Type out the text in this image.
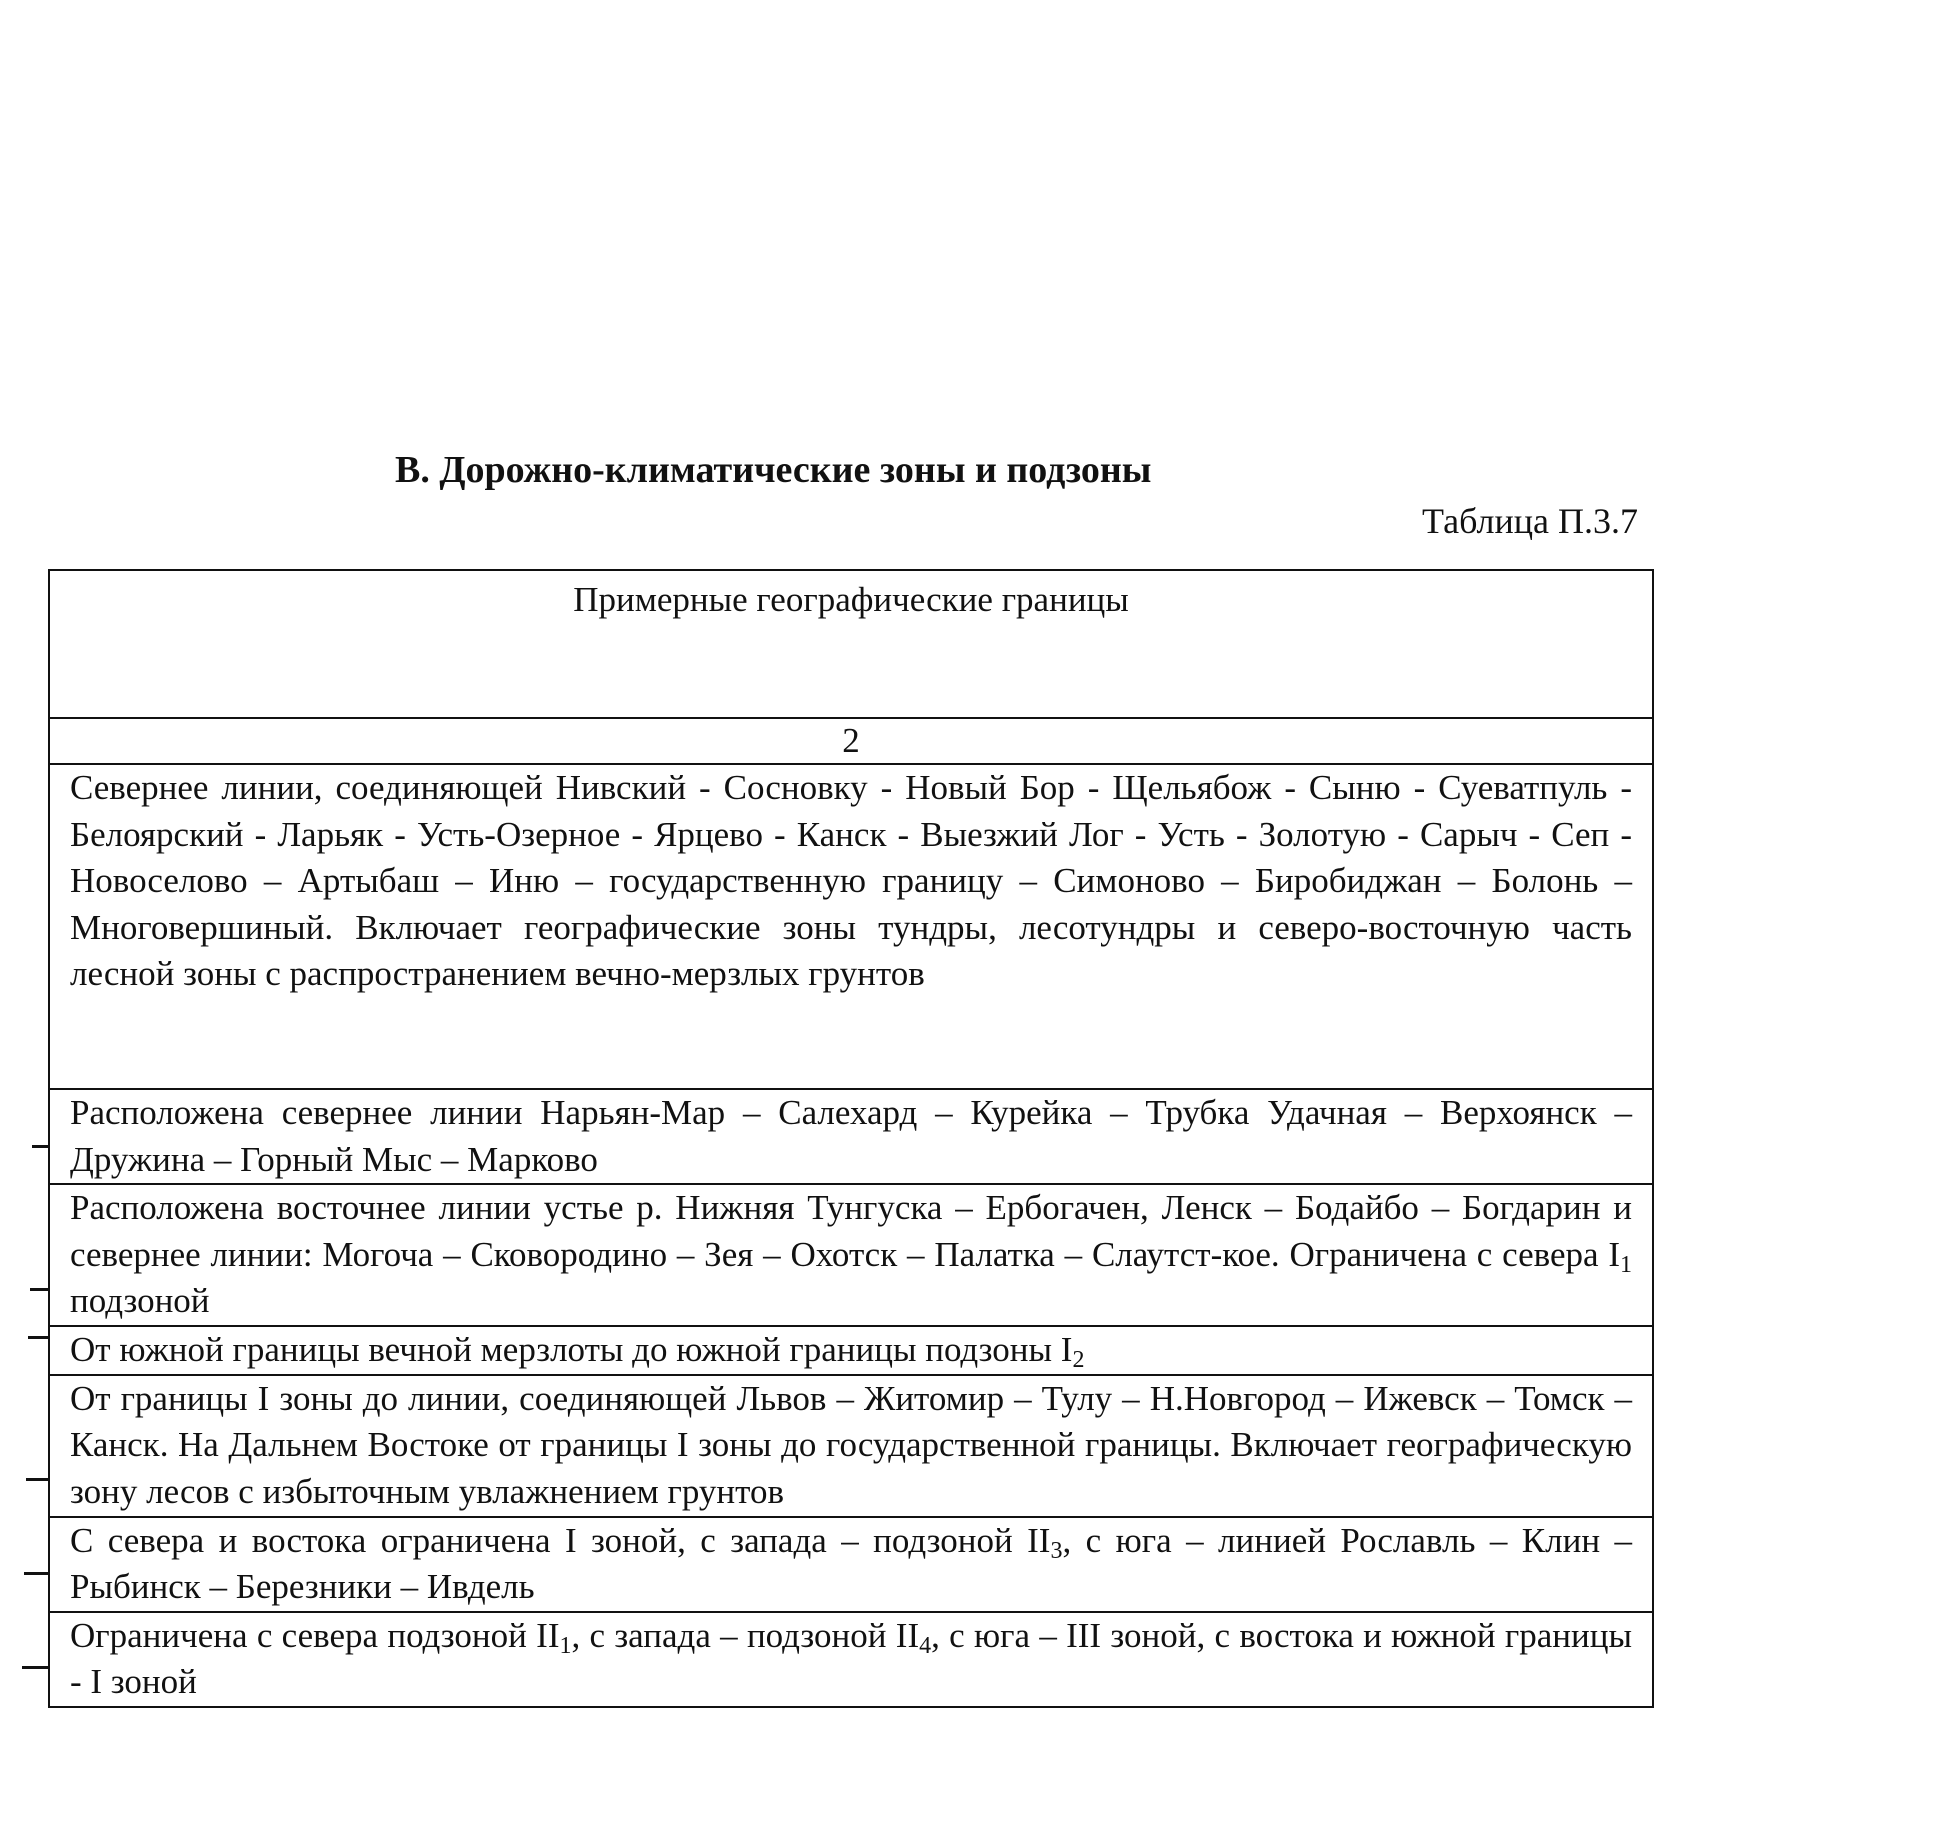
В. Дорожно-климатические зоны и подзоны
Таблица П.3.7
Примерные географические границы
2
Севернее линии, соединяющей Нивский - Сосновку - Новый Бор - Щельябож - Сыню - Суеватпуль - Белоярский - Ларьяк - Усть-Озерное - Ярцево - Канск - Выезжий Лог - Усть - Золотую - Сарыч - Сеп - Новоселово – Артыбаш – Иню – государственную границу – Симоново – Биробиджан – Болонь – Многовершиный. Включает географические зоны тундры, лесотундры и северо-восточную часть лесной зоны с распространением вечно-мерзлых грунтов
Расположена севернее линии Нарьян-Мар – Салехард – Курейка – Трубка Удачная – Верхоянск – Дружина – Горный Мыс – Марково
Расположена восточнее линии устье р. Нижняя Тунгуска – Ербогачен, Ленск – Бодайбо – Богдарин и севернее линии: Могоча – Сковородино – Зея – Охотск – Палатка – Слаутст-кое. Ограничена с севера $I_1$ подзоной
От южной границы вечной мерзлоты до южной границы подзоны $I_2$
От границы I зоны до линии, соединяющей Львов – Житомир – Тулу – Н.Новгород – Ижевск – Томск – Канск. На Дальнем Востоке от границы I зоны до государственной границы. Включает географическую зону лесов с избыточным увлажнением грунтов
С севера и востока ограничена I зоной, с запада – подзоной $II_3$, с юга – линией Рославль – Клин – Рыбинск – Березники – Ивдель
Ограничена с севера подзоной $II_1$, с запада – подзоной $II_4$, с юга – III зоной, с востока и южной границы - I зоной
